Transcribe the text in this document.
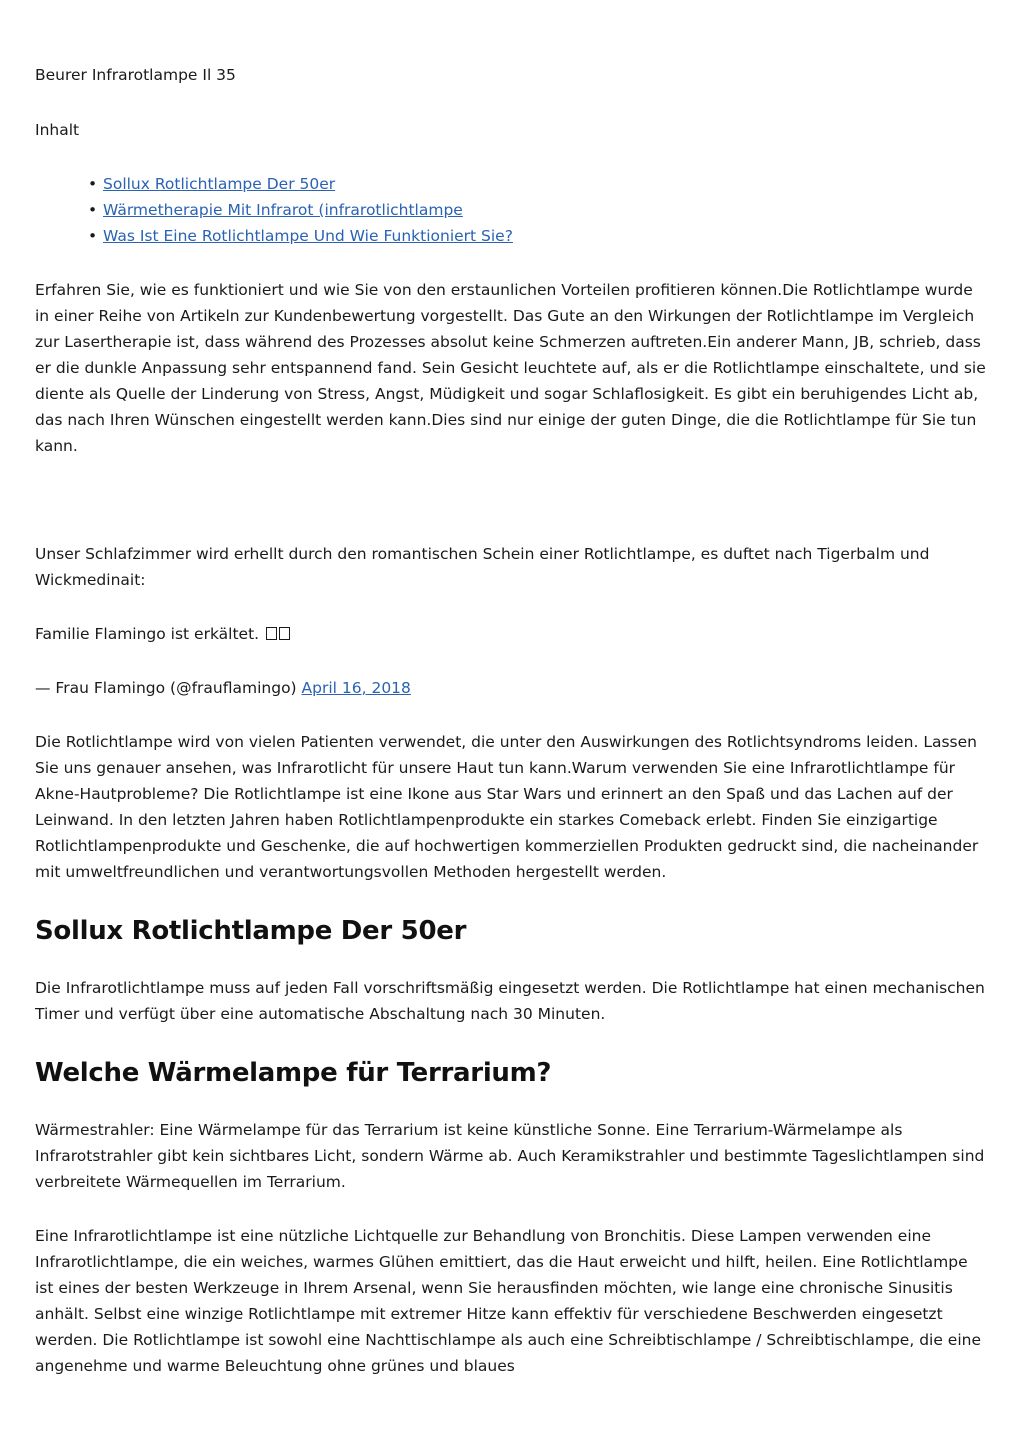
Beurer Infrarotlampe Il 35

Inhalt

• Sollux Rotlichtlampe Der 50er
• Wärmetherapie Mit Infrarot (infrarotlichtlampe
• Was Ist Eine Rotlichtlampe Und Wie Funktioniert Sie?

Erfahren Sie, wie es funktioniert und wie Sie von den erstaunlichen Vorteilen profitieren können.Die Rotlichtlampe wurde in einer Reihe von Artikeln zur Kundenbewertung vorgestellt. Das Gute an den Wirkungen der Rotlichtlampe im Vergleich zur Lasertherapie ist, dass während des Prozesses absolut keine Schmerzen auftreten.Ein anderer Mann, JB, schrieb, dass er die dunkle Anpassung sehr entspannend fand. Sein Gesicht leuchtete auf, als er die Rotlichtlampe einschaltete, und sie diente als Quelle der Linderung von Stress, Angst, Müdigkeit und sogar Schlaflosigkeit. Es gibt ein beruhigendes Licht ab, das nach Ihren Wünschen eingestellt werden kann.Dies sind nur einige der guten Dinge, die die Rotlichtlampe für Sie tun kann.

Unser Schlafzimmer wird erhellt durch den romantischen Schein einer Rotlichtlampe, es duftet nach Tigerbalm und Wickmedinait:

Familie Flamingo ist erkältet.

— Frau Flamingo (@frauflamingo) April 16, 2018

Die Rotlichtlampe wird von vielen Patienten verwendet, die unter den Auswirkungen des Rotlichtsyndroms leiden. Lassen Sie uns genauer ansehen, was Infrarotlicht für unsere Haut tun kann.Warum verwenden Sie eine Infrarotlichtlampe für Akne-Hautprobleme? Die Rotlichtlampe ist eine Ikone aus Star Wars und erinnert an den Spaß und das Lachen auf der Leinwand. In den letzten Jahren haben Rotlichtlampenprodukte ein starkes Comeback erlebt. Finden Sie einzigartige Rotlichtlampenprodukte und Geschenke, die auf hochwertigen kommerziellen Produkten gedruckt sind, die nacheinander mit umweltfreundlichen und verantwortungsvollen Methoden hergestellt werden.

Sollux Rotlichtlampe Der 50er

Die Infrarotlichtlampe muss auf jeden Fall vorschriftsmäßig eingesetzt werden. Die Rotlichtlampe hat einen mechanischen Timer und verfügt über eine automatische Abschaltung nach 30 Minuten.

Welche Wärmelampe für Terrarium?

Wärmestrahler: Eine Wärmelampe für das Terrarium ist keine künstliche Sonne. Eine Terrarium-Wärmelampe als Infrarotstrahler gibt kein sichtbares Licht, sondern Wärme ab. Auch Keramikstrahler und bestimmte Tageslichtlampen sind verbreitete Wärmequellen im Terrarium.

Eine Infrarotlichtlampe ist eine nützliche Lichtquelle zur Behandlung von Bronchitis. Diese Lampen verwenden eine Infrarotlichtlampe, die ein weiches, warmes Glühen emittiert, das die Haut erweicht und hilft, heilen. Eine Rotlichtlampe ist eines der besten Werkzeuge in Ihrem Arsenal, wenn Sie herausfinden möchten, wie lange eine chronische Sinusitis anhält. Selbst eine winzige Rotlichtlampe mit extremer Hitze kann effektiv für verschiedene Beschwerden eingesetzt werden. Die Rotlichtlampe ist sowohl eine Nachttischlampe als auch eine Schreibtischlampe / Schreibtischlampe, die eine angenehme und warme Beleuchtung ohne grünes und blaues
